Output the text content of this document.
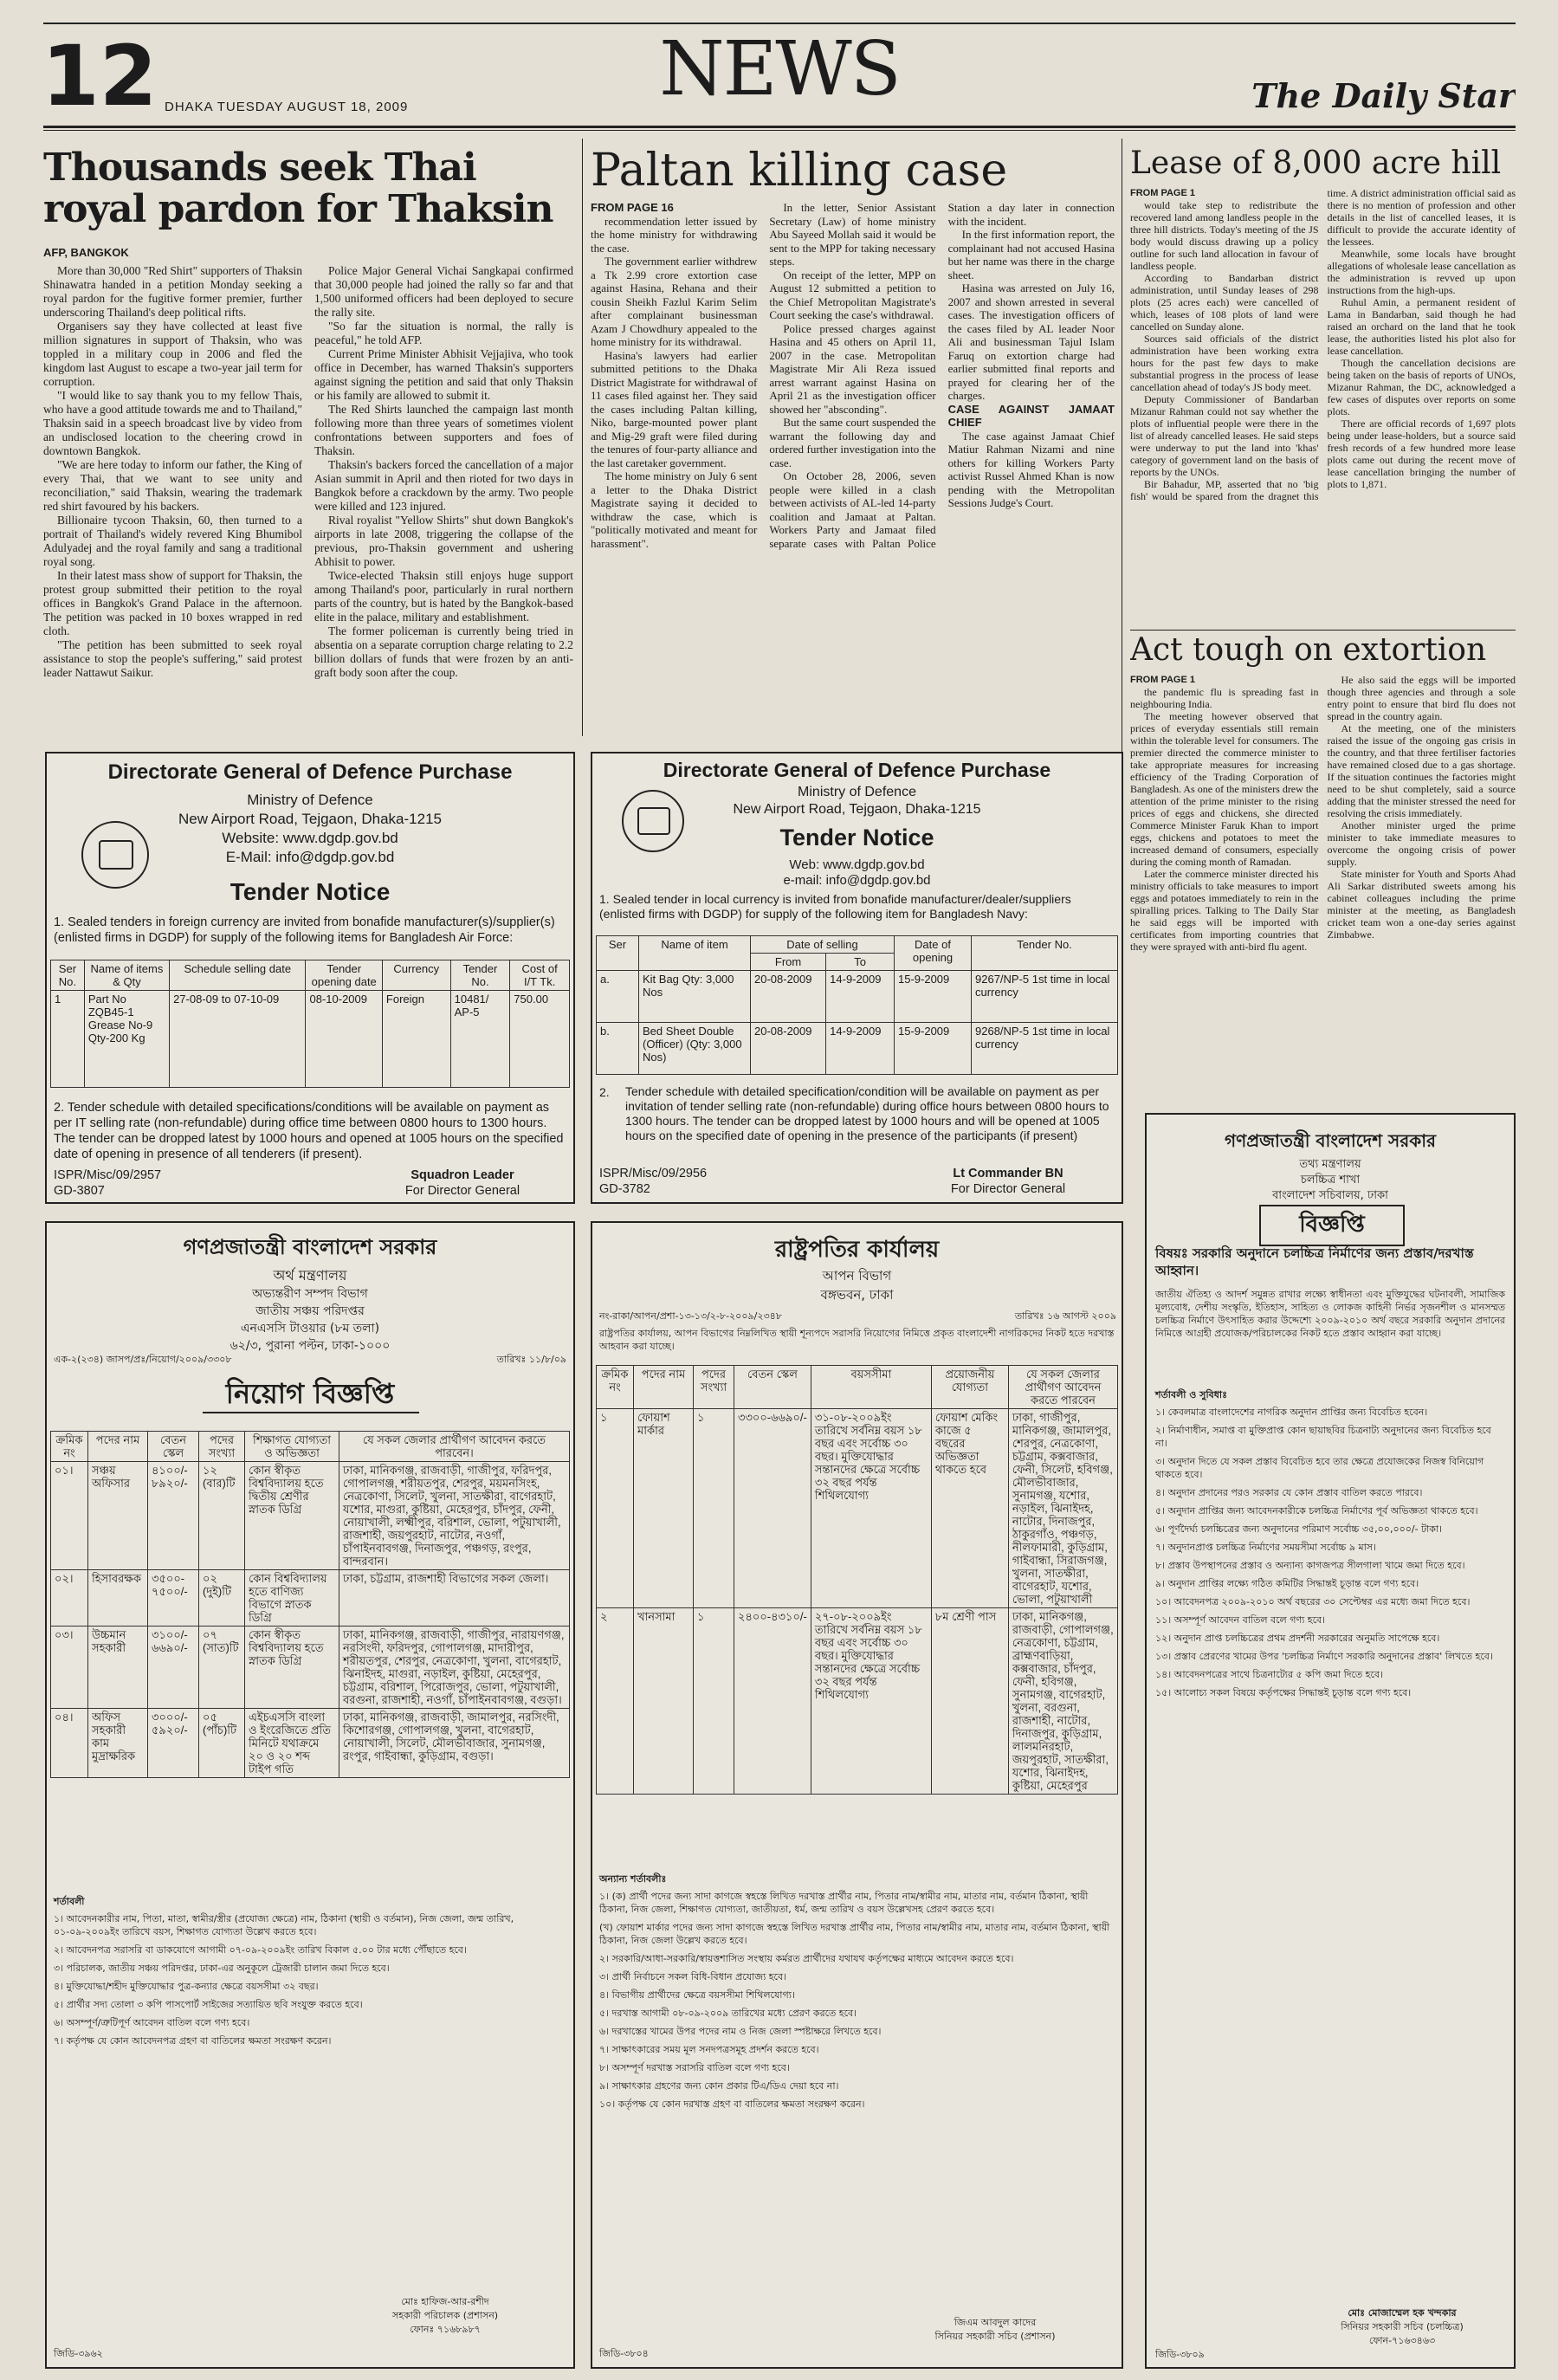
12 DHAKA TUESDAY AUGUST 18, 2009	NEWS	The Daily Star
Thousands seek Thai royal pardon for Thaksin
AFP, BANGKOK

More than 30,000 "Red Shirt" supporters of Thaksin Shinawatra handed in a petition Monday seeking a royal pardon for the fugitive former premier, further underscoring Thailand's deep political rifts.

Organisers say they have collected at least five million signatures in support of Thaksin, who was toppled in a military coup in 2006 and fled the kingdom last August to escape a two-year jail term for corruption.

"I would like to say thank you to my fellow Thais, who have a good attitude towards me and to Thailand," Thaksin said in a speech broadcast live by video from an undisclosed location to the cheering crowd in downtown Bangkok.

"We are here today to inform our father, the King of every Thai, that we want to see unity and reconciliation," said Thaksin, wearing the trademark red shirt favoured by his backers.

Billionaire tycoon Thaksin, 60, then turned to a portrait of Thailand's widely revered King Bhumibol Adulyadej and the royal family and sang a traditional royal song.

In their latest mass show of support for Thaksin, the protest group submitted their petition to the royal offices in Bangkok's Grand Palace in the afternoon. The petition was packed in 10 boxes wrapped in red cloth.

"The petition has been submitted to seek royal assistance to stop the people's suffering," said protest leader Nattawut Saikur.

Police Major General Vichai Sangkapai confirmed that 30,000 people had joined the rally so far and that 1,500 uniformed officers had been deployed to secure the rally site.

"So far the situation is normal, the rally is peaceful," he told AFP.

Current Prime Minister Abhisit Vejjajiva, who took office in December, has warned Thaksin's supporters against signing the petition and said that only Thaksin or his family are allowed to submit it.

The Red Shirts launched the campaign last month following more than three years of sometimes violent confrontations between supporters and foes of Thaksin.

Thaksin's backers forced the cancellation of a major Asian summit in April and then rioted for two days in Bangkok before a crackdown by the army. Two people were killed and 123 injured.

Rival royalist "Yellow Shirts" shut down Bangkok's airports in late 2008, triggering the collapse of the previous, pro-Thaksin government and ushering Abhisit to power.

Twice-elected Thaksin still enjoys huge support among Thailand's poor, particularly in rural northern parts of the country, but is hated by the Bangkok-based elite in the palace, military and establishment.

The former policeman is currently being tried in absentia on a separate corruption charge relating to 2.2 billion dollars of funds that were frozen by an anti-graft body soon after the coup.

Paltan killing case
FROM PAGE 16

recommendation letter issued by the home ministry for withdrawing the case.

The government earlier withdrew a Tk 2.99 crore extortion case against Hasina, Rehana and their cousin Sheikh Fazlul Karim Selim after complainant businessman Azam J Chowdhury appealed to the home ministry for its withdrawal.

Hasina's lawyers had earlier submitted petitions to the Dhaka District Magistrate for withdrawal of 11 cases filed against her. They said the cases including Paltan killing, Niko, barge-mounted power plant and Mig-29 graft were filed during the tenures of four-party alliance and the last caretaker government.

The home ministry on July 6 sent a letter to the Dhaka District Magistrate saying it decided to withdraw the case, which is "politically motivated and meant for harassment".

In the letter, Senior Assistant Secretary (Law) of home ministry Abu Sayeed Mollah said it would be sent to the MPP for taking necessary steps.

On receipt of the letter, MPP on August 12 submitted a petition to the Chief Metropolitan Magistrate's Court seeking the case's withdrawal.

Police pressed charges against Hasina and 45 others on April 11, 2007 in the case. Metropolitan Magistrate Mir Ali Reza issued arrest warrant against Hasina on April 21 as the investigation officer showed her "absconding".

But the same court suspended the warrant the following day and ordered further investigation into the case.

On October 28, 2006, seven people were killed in a clash between activists of AL-led 14-party coalition and Jamaat at Paltan. Workers Party and Jamaat filed separate cases with Paltan Police Station a day later in connection with the incident.

In the first information report, the complainant had not accused Hasina but her name was there in the charge sheet.

Hasina was arrested on July 16, 2007 and shown arrested in several cases. The investigation officers of the cases filed by AL leader Noor Ali and businessman Tajul Islam Faruq on extortion charge had earlier submitted final reports and prayed for clearing her of the charges.

CASE AGAINST JAMAAT CHIEF

The case against Jamaat Chief Matiur Rahman Nizami and nine others for killing Workers Party activist Russel Ahmed Khan is now pending with the Metropolitan Sessions Judge's Court.

Lease of 8,000 acre hill
FROM PAGE 1

would take step to redistribute the recovered land among landless people in the three hill districts. Today's meeting of the JS body would discuss drawing up a policy outline for such land allocation in favour of landless people.

According to Bandarban district administration, until Sunday leases of 298 plots (25 acres each) were cancelled of which, leases of 108 plots of land were cancelled on Sunday alone.

Sources said officials of the district administration have been working extra hours for the past few days to make substantial progress in the process of lease cancellation ahead of today's JS body meet.

Deputy Commissioner of Bandarban Mizanur Rahman could not say whether the plots of influential people were there in the list of already cancelled leases. He said steps were underway to put the land into 'khas' category of government land on the basis of reports by the UNOs.

Bir Bahadur, MP, asserted that no 'big fish' would be spared from the dragnet this time. A district administration official said as there is no mention of profession and other details in the list of cancelled leases, it is difficult to provide the accurate identity of the lessees.

Meanwhile, some locals have brought allegations of wholesale lease cancellation as the administration is revved up upon instructions from the high-ups.

Ruhul Amin, a permanent resident of Lama in Bandarban, said though he had raised an orchard on the land that he took lease, the authorities listed his plot also for lease cancellation.

Though the cancellation decisions are being taken on the basis of reports of UNOs, Mizanur Rahman, the DC, acknowledged a few cases of disputes over reports on some plots.

There are official records of 1,697 plots being under lease-holders, but a source said fresh records of a few hundred more lease plots came out during the recent move of lease cancellation bringing the number of plots to 1,871.

Act tough on extortion
FROM PAGE 1

the pandemic flu is spreading fast in neighbouring India.

The meeting however observed that prices of everyday essentials still remain within the tolerable level for consumers. The premier directed the commerce minister to take appropriate measures for increasing efficiency of the Trading Corporation of Bangladesh. As one of the ministers drew the attention of the prime minister to the rising prices of eggs and chickens, she directed Commerce Minister Faruk Khan to import eggs, chickens and potatoes to meet the increased demand of consumers, especially during the coming month of Ramadan.

Later the commerce minister directed his ministry officials to take measures to import eggs and potatoes immediately to rein in the spiralling prices. Talking to The Daily Star he said eggs will be imported with certificates from importing countries that they were sprayed with anti-bird flu agent.

He also said the eggs will be imported though three agencies and through a sole entry point to ensure that bird flu does not spread in the country again.

At the meeting, one of the ministers raised the issue of the ongoing gas crisis in the country, and that three fertiliser factories have remained closed due to a gas shortage. If the situation continues the factories might need to be shut completely, said a source adding that the minister stressed the need for resolving the crisis immediately.

Another minister urged the prime minister to take immediate measures to overcome the ongoing crisis of power supply.

State minister for Youth and Sports Ahad Ali Sarkar distributed sweets among his cabinet colleagues including the prime minister at the meeting, as Bangladesh cricket team won a one-day series against Zimbabwe.

Directorate General of Defence Purchase
Ministry of Defence
New Airport Road, Tejgaon, Dhaka-1215
Website: www.dgdp.gov.bd
E-Mail: info@dgdp.gov.bd
Tender Notice
1. Sealed tenders in foreign currency are invited from bonafide manufacturer(s)/supplier(s) (enlisted firms in DGDP) for supply of the following items for Bangladesh Air Force:
Ser No.	Name of items & Qty	Schedule selling date	Tender opening date	Currency	Tender No.	Cost of I/T Tk.
1	Part No ZQB45-1 Grease No-9 Qty-200 Kg	27-08-09 to 07-10-09	08-10-2009	Foreign	10481/ AP-5	750.00
2. Tender schedule with detailed specifications/conditions will be available on payment as per IT selling rate (non-refundable) during office time between 0800 hours to 1300 hours. The tender can be dropped latest by 1000 hours and opened at 1005 hours on the specified date of opening in presence of all tenderers (if present).
ISPR/Misc/09/2957
GD-3807
Squadron Leader
For Director General
Directorate General of Defence Purchase
Ministry of Defence
New Airport Road, Tejgaon, Dhaka-1215
Tender Notice
Web: www.dgdp.gov.bd
e-mail: info@dgdp.gov.bd
1. Sealed tender in local currency is invited from bonafide manufacturer/dealer/suppliers (enlisted firms with DGDP) for supply of the following item for Bangladesh Navy:
Ser	Name of item	Date of selling		Date of opening	Tender No.
		From	To		
a.	Kit Bag Qty: 3,000 Nos	20-08-2009	14-9-2009	15-9-2009	9267/NP-5 1st time in local currency
b.	Bed Sheet Double (Officer) (Qty: 3,000 Nos)	20-08-2009	14-9-2009	15-9-2009	9268/NP-5 1st time in local currency
2.	Tender schedule with detailed specification/condition will be available on payment as per invitation of tender selling rate (non-refundable) during office hours between 0800 hours to 1300 hours. The tender can be dropped latest by 1000 hours and will be opened at 1005 hours on the specified date of opening in the presence of the participants (if present)
ISPR/Misc/09/2956
GD-3782
Lt Commander BN
For Director General
গণপ্রজাতন্ত্রী বাংলাদেশ সরকার
অর্থ মন্ত্রণালয়
অভ্যন্তরীণ সম্পদ বিভাগ
জাতীয় সঞ্চয় পরিদপ্তর
এনএসসি টাওয়ার (৮ম তলা)
৬২/৩, পুরানা পল্টন, ঢাকা-১০০০
এক-২(২৩৪) জাসপ/প্রঃ/নিয়োগ/২০০৯/৩৩০৮	তারিখঃ ১১/৮/০৯
নিয়োগ বিজ্ঞপ্তি
ক্রমিক নং	পদের নাম	বেতন স্কেল	পদের সংখ্যা	শিক্ষাগত যোগ্যতা ও অভিজ্ঞতা	যে সকল জেলার প্রার্থীগণ আবেদন করতে পারবেন।
০১।	সঞ্চয় অফিসার	৪১০০/- ৮৯২০/-	১২ (বার)টি	কোন স্বীকৃত বিশ্ববিদ্যালয় হতে দ্বিতীয় শ্রেণীর স্নাতক ডিগ্রি	ঢাকা, মানিকগঞ্জ, রাজবাড়ী, গাজীপুর, ফরিদপুর, গোপালগঞ্জ, শরীয়তপুর, শেরপুর, ময়মনসিংহ, নেত্রকোণা, সিলেট, খুলনা, সাতক্ষীরা, বাগেরহাট, যশোর, মাগুরা, কুষ্টিয়া, মেহেরপুর, চাঁদপুর, ফেনী, নোয়াখালী, লক্ষ্মীপুর, বরিশাল, ভোলা, পটুয়াখালী, রাজশাহী, জয়পুরহাট, নাটোর, নওগাঁ, চাঁপাইনবাবগঞ্জ, দিনাজপুর, পঞ্চগড়, রংপুর, বান্দরবান।
০২।	হিসাবরক্ষক	৩৫০০- ৭৫০০/-	০২ (দুই)টি	কোন বিশ্ববিদ্যালয় হতে বাণিজ্য বিভাগে স্নাতক ডিগ্রি	ঢাকা, চট্টগ্রাম, রাজশাহী বিভাগের সকল জেলা।
০৩।	উচ্চমান সহকারী	৩১০০/- ৬৬৯০/-	০৭ (সাত)টি	কোন স্বীকৃত বিশ্ববিদ্যালয় হতে স্নাতক ডিগ্রি	ঢাকা, মানিকগঞ্জ, রাজবাড়ী, গাজীপুর, নারায়ণগঞ্জ, নরসিংদী, ফরিদপুর, গোপালগঞ্জ, মাদারীপুর, শরীয়তপুর, শেরপুর, নেত্রকোণা, খুলনা, বাগেরহাট, ঝিনাইদহ, মাগুরা, নড়াইল, কুষ্টিয়া, মেহেরপুর, চট্টগ্রাম, বরিশাল, পিরোজপুর, ভোলা, পটুয়াখালী, বরগুনা, রাজশাহী, নওগাঁ, চাঁপাইনবাবগঞ্জ, বগুড়া।
০৪।	অফিস সহকারী কাম মুদ্রাক্ষরিক	৩০০০/- ৫৯২০/-	০৫ (পাঁচ)টি	এইচএসসি বাংলা ও ইংরেজিতে প্রতি মিনিটে যথাক্রমে ২০ ও ২০ শব্দ টাইপ গতি	ঢাকা, মানিকগঞ্জ, রাজবাড়ী, জামালপুর, নরসিংদী, কিশোরগঞ্জ, গোপালগঞ্জ, খুলনা, বাগেরহাট, নোয়াখালী, সিলেট, মৌলভীবাজার, সুনামগঞ্জ, রংপুর, গাইবান্ধা, কুড়িগ্রাম, বগুড়া।
শর্তাবলী
১। আবেদনকারীর নাম, পিতা, মাতা, স্বামীর/স্ত্রীর (প্রযোজ্য ক্ষেত্রে) নাম, ঠিকানা (স্থায়ী ও বর্তমান), নিজ জেলা, জন্ম তারিখ, ০১-০৯-২০০৯ইং তারিখে বয়স, শিক্ষাগত যোগ্যতা উল্লেখ করতে হবে।
২। আবেদনপত্র সরাসরি বা ডাকযোগে আগামী ০৭-০৯-২০০৯ইং তারিখ বিকাল ৫.০০ টার মধ্যে পৌঁছাতে হবে।
৩। পরিচালক, জাতীয় সঞ্চয় পরিদপ্তর, ঢাকা-এর অনুকূলে ট্রেজারী চালান জমা দিতে হবে।
৪। মুক্তিযোদ্ধা/শহীদ মুক্তিযোদ্ধার পুত্র-কন্যার ক্ষেত্রে বয়সসীমা ৩২ বছর।
৫। প্রার্থীর সদ্য তোলা ৩ কপি পাসপোর্ট সাইজের সত্যায়িত ছবি সংযুক্ত করতে হবে।
৬। অসম্পূর্ণ/ত্রুটিপূর্ণ আবেদন বাতিল বলে গণ্য হবে।
৭। কর্তৃপক্ষ যে কোন আবেদনপত্র গ্রহণ বা বাতিলের ক্ষমতা সংরক্ষণ করেন।
মোঃ হাফিজ-আর-রশীদ
সহকারী পরিচালক (প্রশাসন)
ফোনঃ ৭১৬৮৯৮৭
জিডি-৩৯৬২
রাষ্ট্রপতির কার্যালয়
আপন বিভাগ
বঙ্গভবন, ঢাকা
নং-রাকা/আপন/প্রশা-১৩-১৩/২-৮-২০০৯/২৩৪৮	তারিখঃ ১৬ আগস্ট ২০০৯
রাষ্ট্রপতির কার্যালয়, আপন বিভাগের নিম্নলিখিত স্থায়ী শূন্যপদে সরাসরি নিয়োগের নিমিত্তে প্রকৃত বাংলাদেশী নাগরিকদের নিকট হতে দরখাস্ত আহবান করা যাচ্ছে।
ক্রমিক নং	পদের নাম	পদের সংখ্যা	বেতন স্কেল	বয়সসীমা	প্রয়োজনীয় যোগ্যতা	যে সকল জেলার প্রার্থীগণ আবেদন করতে পারবেন
১	ফোয়াশ মার্কার	১	৩৩০০-৬৬৯০/-	৩১-০৮-২০০৯ইং তারিখে সর্বনিম্ন বয়স ১৮ বছর এবং সর্বোচ্চ ৩০ বছর। মুক্তিযোদ্ধার সন্তানদের ক্ষেত্রে সর্বোচ্চ ৩২ বছর পর্যন্ত শিথিলযোগ্য	ফোয়াশ মেকিং কাজে ৫ বছরের অভিজ্ঞতা থাকতে হবে	ঢাকা, গাজীপুর, মানিকগঞ্জ, জামালপুর, শেরপুর, নেত্রকোণা, চট্টগ্রাম, কক্সবাজার, ফেনী, সিলেট, হবিগঞ্জ, মৌলভীবাজার, সুনামগঞ্জ, যশোর, নড়াইল, ঝিনাইদহ, নাটোর, দিনাজপুর, ঠাকুরগাঁও, পঞ্চগড়, নীলফামারী, কুড়িগ্রাম, গাইবান্ধা, সিরাজগঞ্জ, খুলনা, সাতক্ষীরা, বাগেরহাট, যশোর, ভোলা, পটুয়াখালী
২	খানসামা	১	২৪০০-৪৩১০/-	২৭-০৮-২০০৯ইং তারিখে সর্বনিম্ন বয়স ১৮ বছর এবং সর্বোচ্চ ৩০ বছর। মুক্তিযোদ্ধার সন্তানদের ক্ষেত্রে সর্বোচ্চ ৩২ বছর পর্যন্ত শিথিলযোগ্য	৮ম শ্রেণী পাস	ঢাকা, মানিকগঞ্জ, রাজবাড়ী, গোপালগঞ্জ, নেত্রকোণা, চট্টগ্রাম, ব্রাহ্মণবাড়িয়া, কক্সবাজার, চাঁদপুর, ফেনী, হবিগঞ্জ, সুনামগঞ্জ, বাগেরহাট, খুলনা, বরগুনা, রাজশাহী, নাটোর, দিনাজপুর, কুড়িগ্রাম, লালমনিরহাট, জয়পুরহাট, সাতক্ষীরা, যশোর, ঝিনাইদহ, কুষ্টিয়া, মেহেরপুর
অন্যান্য শর্তাবলীঃ
১। (ক) প্রার্থী পদের জন্য সাদা কাগজে স্বহস্তে লিখিত দরখাস্ত প্রার্থীর নাম, পিতার নাম/স্বামীর নাম, মাতার নাম, বর্তমান ঠিকানা, স্থায়ী ঠিকানা, নিজ জেলা, শিক্ষাগত যোগ্যতা, জাতীয়তা, ধর্ম, জন্ম তারিখ ও বয়স উল্লেখসহ প্রেরণ করতে হবে।
(খ) ফোয়াশ মার্কার পদের জন্য সাদা কাগজে স্বহস্তে লিখিত দরখাস্ত প্রার্থীর নাম, পিতার নাম/স্বামীর নাম, মাতার নাম, বর্তমান ঠিকানা, স্থায়ী ঠিকানা, নিজ জেলা উল্লেখ করতে হবে।
২। সরকারি/আধা-সরকারি/স্বায়ত্তশাসিত সংস্থায় কর্মরত প্রার্থীদের যথাযথ কর্তৃপক্ষের মাধ্যমে আবেদন করতে হবে।
৩। প্রার্থী নির্বাচনে সকল বিধি-বিধান প্রযোজ্য হবে।
৪। বিভাগীয় প্রার্থীদের ক্ষেত্রে বয়সসীমা শিথিলযোগ্য।
৫। দরখাস্ত আগামী ০৮-০৯-২০০৯ তারিখের মধ্যে প্রেরণ করতে হবে।
৬। দরখাস্তের খামের উপর পদের নাম ও নিজ জেলা স্পষ্টাক্ষরে লিখতে হবে।
৭। সাক্ষাৎকারের সময় মূল সনদপত্রসমূহ প্রদর্শন করতে হবে।
৮। অসম্পূর্ণ দরখাস্ত সরাসরি বাতিল বলে গণ্য হবে।
৯। সাক্ষাৎকার গ্রহণের জন্য কোন প্রকার টিএ/ডিএ দেয়া হবে না।
১০। কর্তৃপক্ষ যে কোন দরখাস্ত গ্রহণ বা বাতিলের ক্ষমতা সংরক্ষণ করেন।
জিএম আবদুল কাদের
সিনিয়র সহকারী সচিব (প্রশাসন)
জিডি-৩৮০৪
গণপ্রজাতন্ত্রী বাংলাদেশ সরকার
তথ্য মন্ত্রণালয়
চলচ্চিত্র শাখা
বাংলাদেশ সচিবালয়, ঢাকা
বিজ্ঞপ্তি
বিষয়ঃ সরকারি অনুদানে চলচ্চিত্র নির্মাণের জন্য প্রস্তাব/দরখাস্ত আহ্বান।
জাতীয় ঐতিহ্য ও আদর্শ সমুন্নত রাখার লক্ষ্যে স্বাধীনতা এবং মুক্তিযুদ্ধের ঘটনাবলী, সামাজিক মূল্যবোধ, দেশীয় সংস্কৃতি, ইতিহাস, সাহিত্য ও লোকজ কাহিনী নির্ভর সৃজনশীল ও মানসম্মত চলচ্চিত্র নির্মাণে উৎসাহিত করার উদ্দেশ্যে ২০০৯-২০১০ অর্থ বছরে সরকারি অনুদান প্রদানের নিমিত্তে আগ্রহী প্রযোজক/পরিচালকের নিকট হতে প্রস্তাব আহ্বান করা যাচ্ছে।
শর্তাবলী ও সুবিধাঃ
১। কেবলমাত্র বাংলাদেশের নাগরিক অনুদান প্রাপ্তির জন্য বিবেচিত হবেন।
২। নির্মাণাধীন, সমাপ্ত বা মুক্তিপ্রাপ্ত কোন ছায়াছবির চিত্রনাট্য অনুদানের জন্য বিবেচিত হবে না।
৩। অনুদান দিতে যে সকল প্রস্তাব বিবেচিত হবে তার ক্ষেত্রে প্রযোজকের নিজস্ব বিনিয়োগ থাকতে হবে।
৪। অনুদান প্রদানের পরও সরকার যে কোন প্রস্তাব বাতিল করতে পারবে।
৫। অনুদান প্রাপ্তির জন্য আবেদনকারীকে চলচ্চিত্র নির্মাণের পূর্ব অভিজ্ঞতা থাকতে হবে।
৬। পূর্ণদৈর্ঘ্য চলচ্চিত্রের জন্য অনুদানের পরিমাণ সর্বোচ্চ ৩৫,০০,০০০/- টাকা।
৭। অনুদানপ্রাপ্ত চলচ্চিত্র নির্মাণের সময়সীমা সর্বোচ্চ ৯ মাস।
৮। প্রস্তাব উপস্থাপনের প্রস্তাব ও অন্যান্য কাগজপত্র সীলগালা খামে জমা দিতে হবে।
৯। অনুদান প্রাপ্তির লক্ষ্যে গঠিত কমিটির সিদ্ধান্তই চূড়ান্ত বলে গণ্য হবে।
১০। আবেদনপত্র ২০০৯-২০১০ অর্থ বছরের ৩০ সেপ্টেম্বর এর মধ্যে জমা দিতে হবে।
১১। অসম্পূর্ণ আবেদন বাতিল বলে গণ্য হবে।
১২। অনুদান প্রাপ্ত চলচ্চিত্রের প্রথম প্রদর্শনী সরকারের অনুমতি সাপেক্ষে হবে।
১৩। প্রস্তাব প্রেরণের খামের উপর 'চলচ্চিত্র নির্মাণে সরকারি অনুদানের প্রস্তাব' লিখতে হবে।
১৪। আবেদনপত্রের সাথে চিত্রনাট্যের ৫ কপি জমা দিতে হবে।
১৫। আলোচ্য সকল বিষয়ে কর্তৃপক্ষের সিদ্ধান্তই চূড়ান্ত বলে গণ্য হবে।
মোঃ মোজাম্মেল হক খন্দকার
সিনিয়র সহকারী সচিব (চলচ্চিত্র)
ফোন-৭১৬৩৪৬৩
জিডি-৩৮০৯
